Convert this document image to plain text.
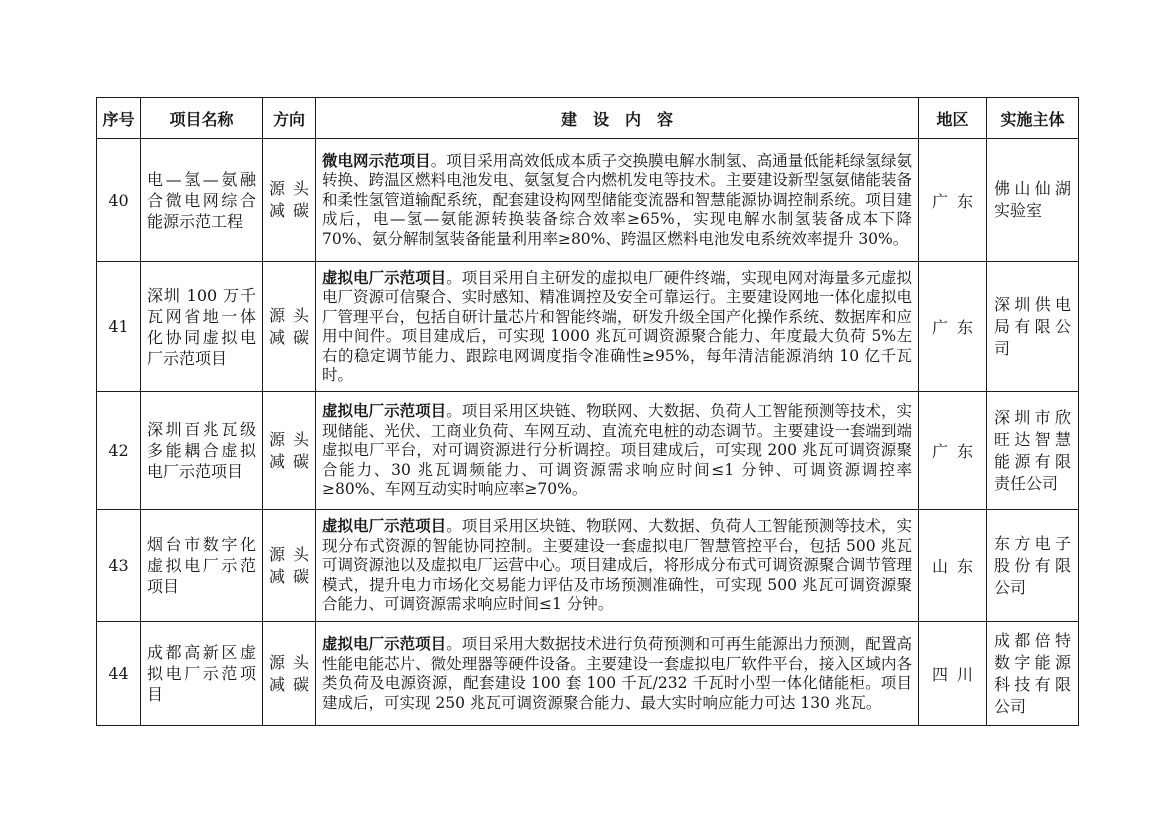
序号	项目名称	方向	建　设　内　容	地区	实施主体
40	电—氢—氨融合微电网综合能源示范工程	源头减碳	微电网示范项目。项目采用高效低成本质子交换膜电解水制氢、高通量低能耗绿氢绿氨转换、跨温区燃料电池发电、氨氢复合内燃机发电等技术。主要建设新型氢氨储能装备和柔性氢管道输配系统，配套建设构网型储能变流器和智慧能源协调控制系统。项目建成后，电—氢—氨能源转换装备综合效率≥65%，实现电解水制氢装备成本下降 70%、氨分解制氢装备能量利用率≥80%、跨温区燃料电池发电系统效率提升 30%。	广东	佛山仙湖实验室
41	深圳 100 万千瓦网省地一体化协同虚拟电厂示范项目	源头减碳	虚拟电厂示范项目。项目采用自主研发的虚拟电厂硬件终端，实现电网对海量多元虚拟电厂资源可信聚合、实时感知、精准调控及安全可靠运行。主要建设网地一体化虚拟电厂管理平台，包括自研计量芯片和智能终端，研发升级全国产化操作系统、数据库和应用中间件。项目建成后，可实现 1000 兆瓦可调资源聚合能力、年度最大负荷 5%左右的稳定调节能力、跟踪电网调度指令准确性≥95%，每年清洁能源消纳 10 亿千瓦时。	广东	深圳供电局有限公司
42	深圳百兆瓦级多能耦合虚拟电厂示范项目	源头减碳	虚拟电厂示范项目。项目采用区块链、物联网、大数据、负荷人工智能预测等技术，实现储能、光伏、工商业负荷、车网互动、直流充电桩的动态调节。主要建设一套端到端虚拟电厂平台，对可调资源进行分析调控。项目建成后，可实现 200 兆瓦可调资源聚合能力、30 兆瓦调频能力、可调资源需求响应时间≤1 分钟、可调资源调控率≥80%、车网互动实时响应率≥70%。	广东	深圳市欣旺达智慧能源有限责任公司
43	烟台市数字化虚拟电厂示范项目	源头减碳	虚拟电厂示范项目。项目采用区块链、物联网、大数据、负荷人工智能预测等技术，实现分布式资源的智能协同控制。主要建设一套虚拟电厂智慧管控平台，包括 500 兆瓦可调资源池以及虚拟电厂运营中心。项目建成后，将形成分布式可调资源聚合调节管理模式，提升电力市场化交易能力评估及市场预测准确性，可实现 500 兆瓦可调资源聚合能力、可调资源需求响应时间≤1 分钟。	山东	东方电子股份有限公司
44	成都高新区虚拟电厂示范项目	源头减碳	虚拟电厂示范项目。项目采用大数据技术进行负荷预测和可再生能源出力预测，配置高性能电能芯片、微处理器等硬件设备。主要建设一套虚拟电厂软件平台，接入区域内各类负荷及电源资源，配套建设 100 套 100 千瓦/232 千瓦时小型一体化储能柜。项目建成后，可实现 250 兆瓦可调资源聚合能力、最大实时响应能力可达 130 兆瓦。	四川	成都倍特数字能源科技有限公司
